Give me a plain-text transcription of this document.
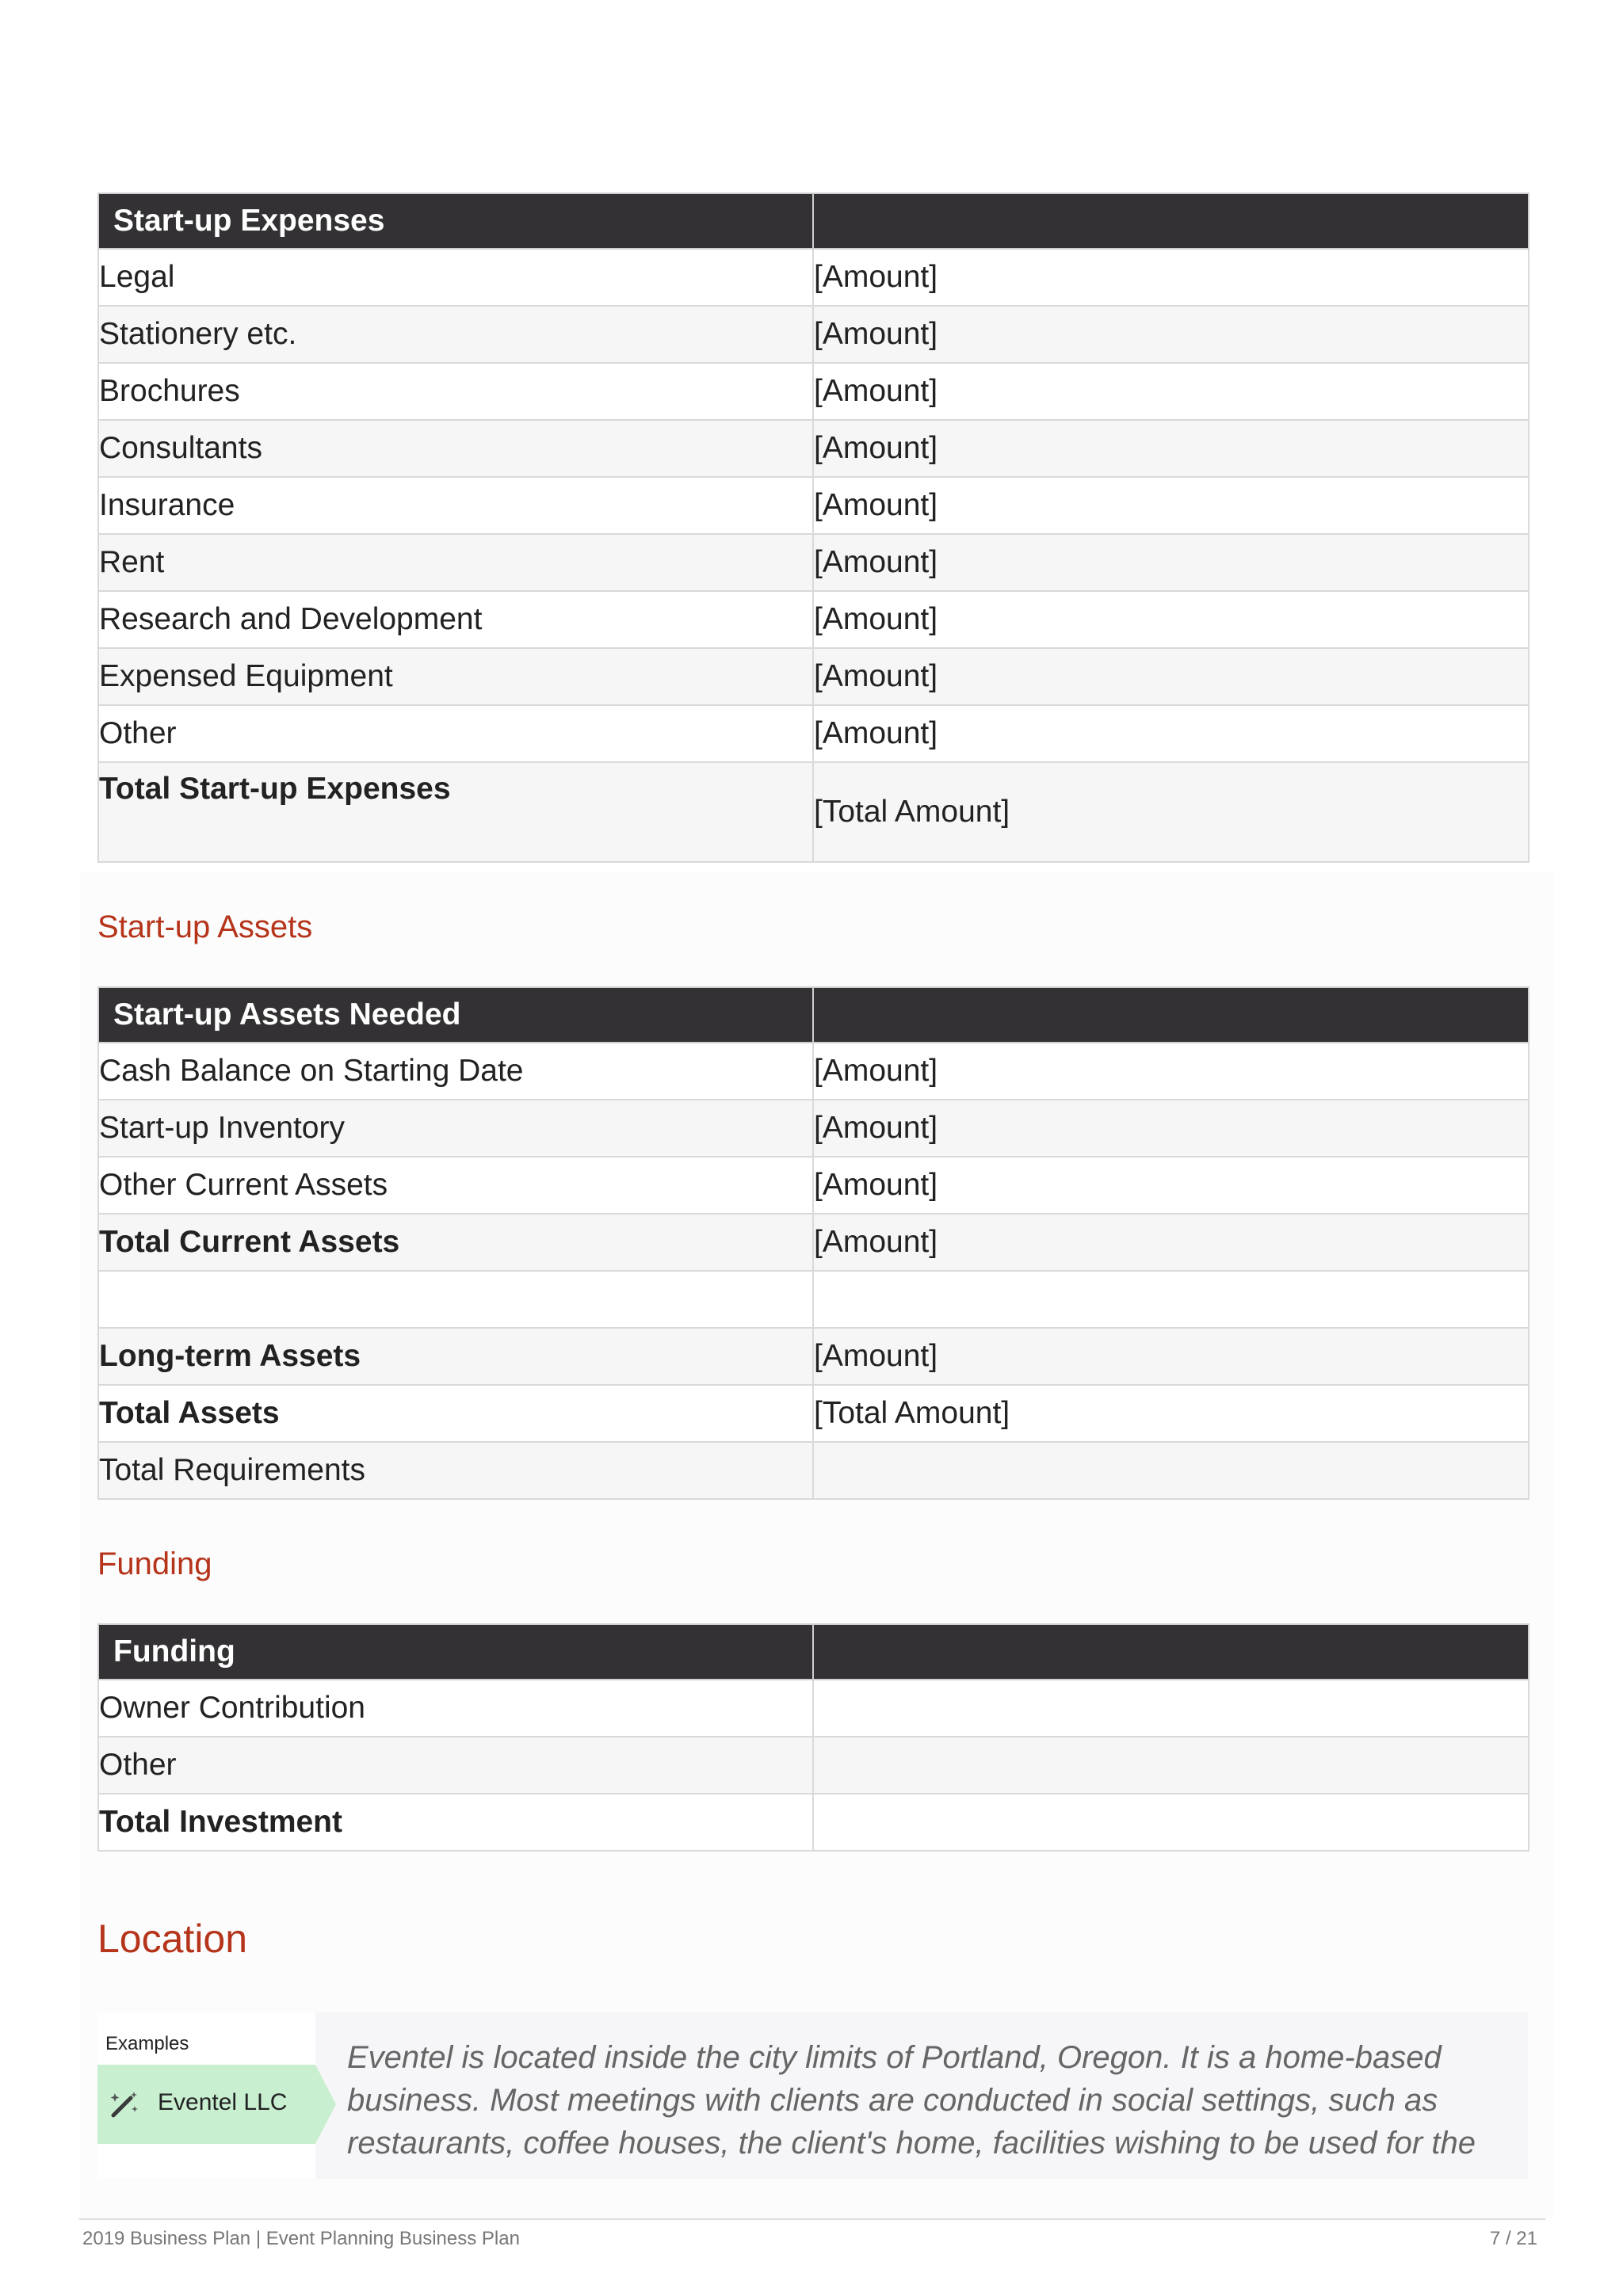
Start-up Expenses	
Legal	[Amount]
Stationery etc.	[Amount]
Brochures	[Amount]
Consultants	[Amount]
Insurance	[Amount]
Rent	[Amount]
Research and Development	[Amount]
Expensed Equipment	[Amount]
Other	[Amount]
Total Start-up Expenses	[Total Amount]
Start-up Assets
Start-up Assets Needed	
Cash Balance on Starting Date	[Amount]
Start-up Inventory	[Amount]
Other Current Assets	[Amount]
Total Current Assets	[Amount]

Long-term Assets	[Amount]
Total Assets	[Total Amount]
Total Requirements	
Funding
Funding	
Owner Contribution	
Other	
Total Investment	
Location
Examples
Eventel LLC

Eventel is located inside the city limits of Portland, Oregon. It is a home-based business. Most meetings with clients are conducted in social settings, such as restaurants, coffee houses, the client's home, facilities wishing to be used for the

2019 Business Plan | Event Planning Business Plan	7 / 21
